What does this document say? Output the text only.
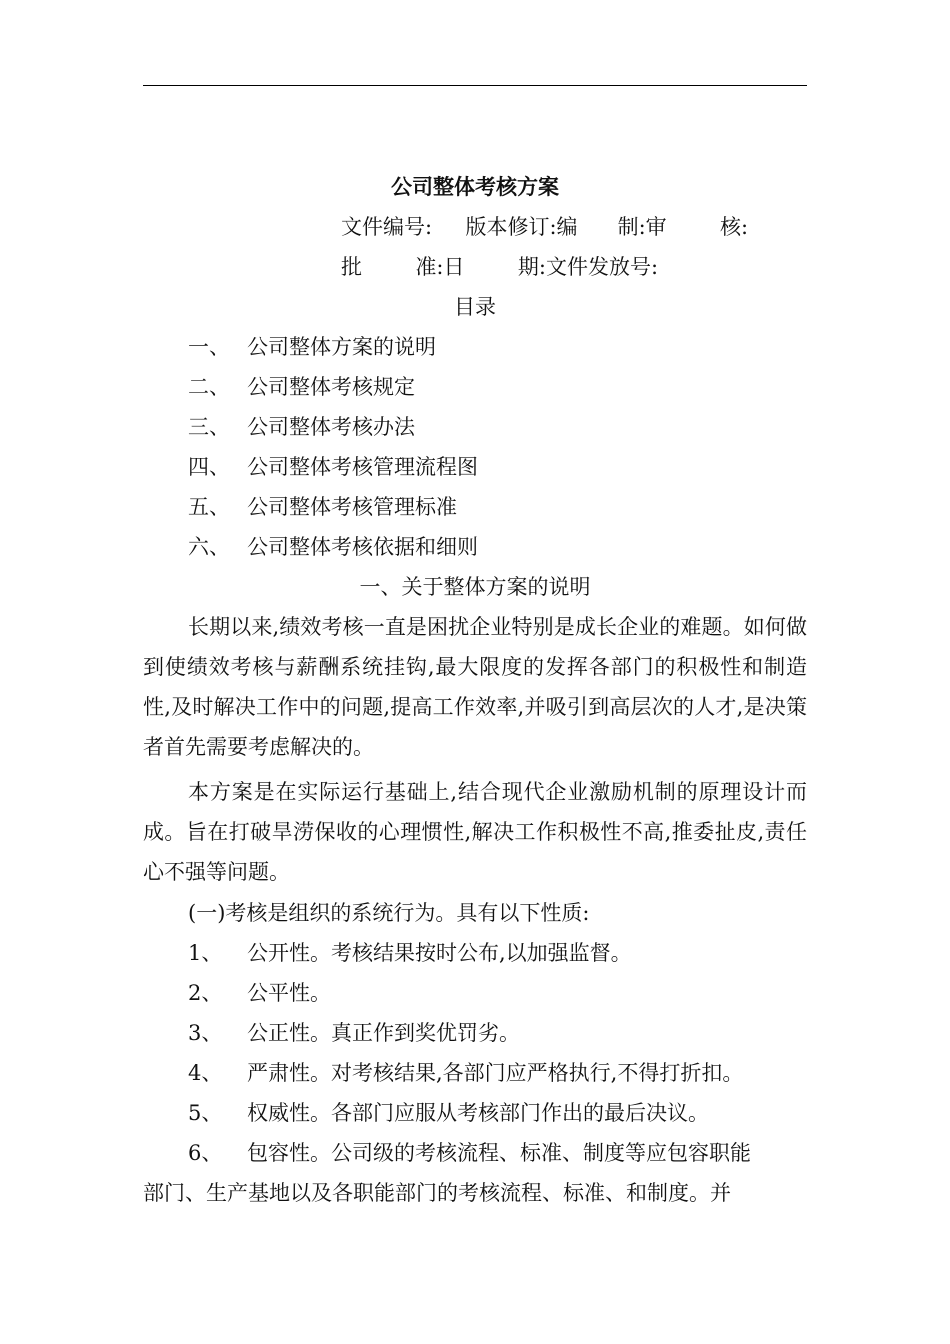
公司整体考核方案
文件编号:     版本修订:编      制:审        核:
批        准:日        期:文件发放号:
目录
一、 公司整体方案的说明
二、 公司整体考核规定
三、 公司整体考核办法
四、 公司整体考核管理流程图
五、 公司整体考核管理标准
六、 公司整体考核依据和细则
一、关于整体方案的说明

长期以来,绩效考核一直是困扰企业特别是成长企业的难题。如何做到使绩效考核与薪酬系统挂钩,最大限度的发挥各部门的积极性和制造性,及时解决工作中的问题,提高工作效率,并吸引到高层次的人才,是决策者首先需要考虑解决的。

本方案是在实际运行基础上,结合现代企业激励机制的原理设计而成。旨在打破旱涝保收的心理惯性,解决工作积极性不高,推委扯皮,责任心不强等问题。

(一)考核是组织的系统行为。具有以下性质:
1、 公开性。考核结果按时公布,以加强监督。
2、 公平性。
3、 公正性。真正作到奖优罚劣。
4、 严肃性。对考核结果,各部门应严格执行,不得打折扣。
5、 权威性。各部门应服从考核部门作出的最后决议。
6、 包容性。公司级的考核流程、标准、制度等应包容职能
部门、生产基地以及各职能部门的考核流程、标准、和制度。并
